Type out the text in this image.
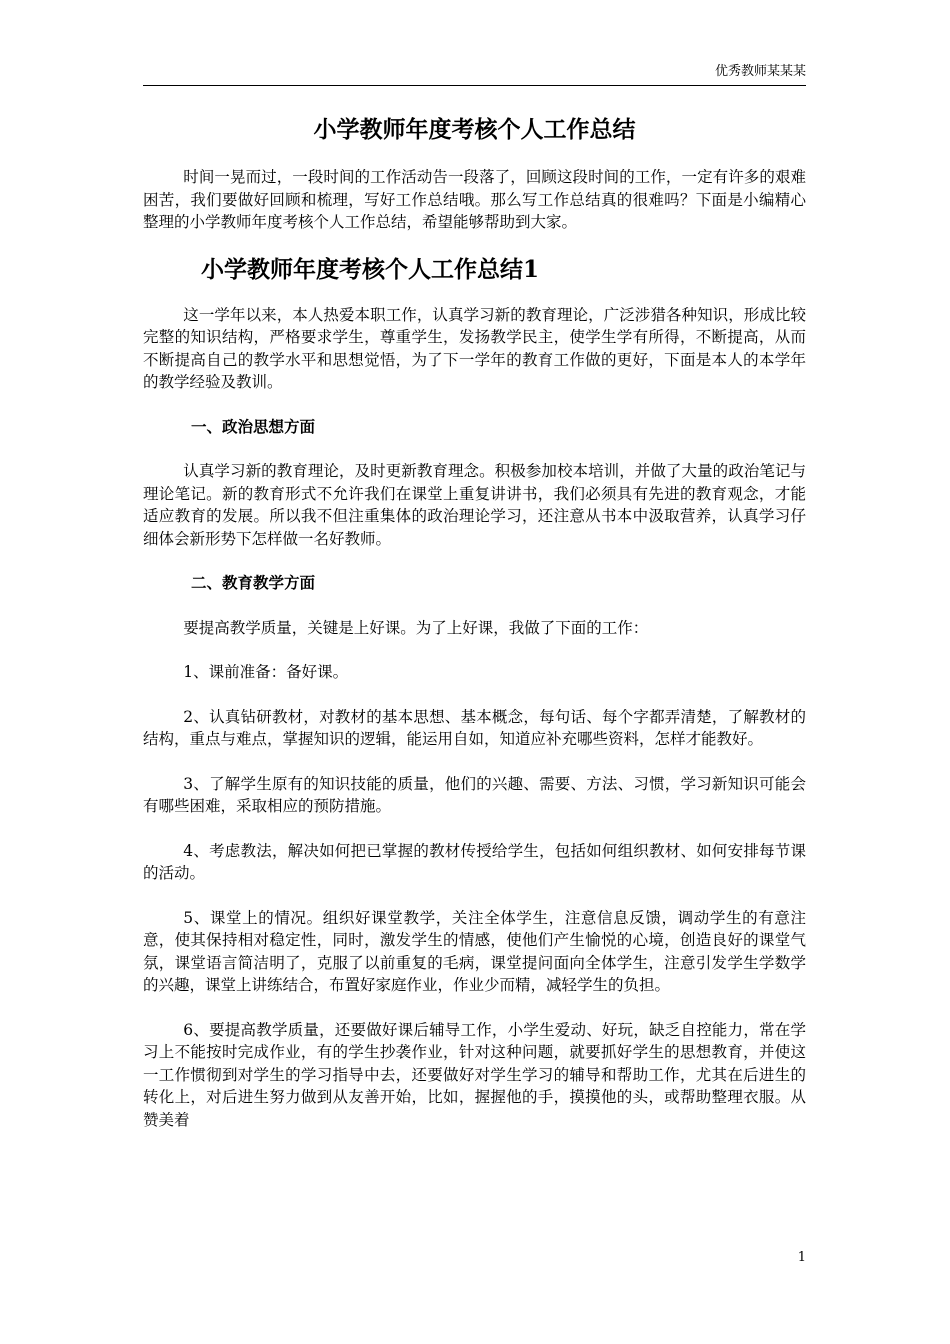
优秀教师某某某
小学教师年度考核个人工作总结

时间一晃而过，一段时间的工作活动告一段落了，回顾这段时间的工作，一定有许多的艰难困苦，我们要做好回顾和梳理，写好工作总结哦。那么写工作总结真的很难吗？下面是小编精心整理的小学教师年度考核个人工作总结，希望能够帮助到大家。

小学教师年度考核个人工作总结1

这一学年以来，本人热爱本职工作，认真学习新的教育理论，广泛涉猎各种知识，形成比较完整的知识结构，严格要求学生，尊重学生，发扬教学民主，使学生学有所得，不断提高，从而不断提高自己的教学水平和思想觉悟，为了下一学年的教育工作做的更好，下面是本人的本学年的教学经验及教训。

一、政治思想方面

认真学习新的教育理论，及时更新教育理念。积极参加校本培训，并做了大量的政治笔记与理论笔记。新的教育形式不允许我们在课堂上重复讲讲书，我们必须具有先进的教育观念，才能适应教育的发展。所以我不但注重集体的政治理论学习，还注意从书本中汲取营养，认真学习仔细体会新形势下怎样做一名好教师。

二、教育教学方面

要提高教学质量，关键是上好课。为了上好课，我做了下面的工作：

1、课前准备：备好课。

2、认真钻研教材，对教材的基本思想、基本概念，每句话、每个字都弄清楚，了解教材的结构，重点与难点，掌握知识的逻辑，能运用自如，知道应补充哪些资料，怎样才能教好。

3、了解学生原有的知识技能的质量，他们的兴趣、需要、方法、习惯，学习新知识可能会有哪些困难，采取相应的预防措施。

4、考虑教法，解决如何把已掌握的教材传授给学生，包括如何组织教材、如何安排每节课的活动。

5、课堂上的情况。组织好课堂教学，关注全体学生，注意信息反馈，调动学生的有意注意，使其保持相对稳定性，同时，激发学生的情感，使他们产生愉悦的心境，创造良好的课堂气氛，课堂语言简洁明了，克服了以前重复的毛病，课堂提问面向全体学生，注意引发学生学数学的兴趣，课堂上讲练结合，布置好家庭作业，作业少而精，减轻学生的负担。

6、要提高教学质量，还要做好课后辅导工作，小学生爱动、好玩，缺乏自控能力，常在学习上不能按时完成作业，有的学生抄袭作业，针对这种问题，就要抓好学生的思想教育，并使这一工作惯彻到对学生的学习指导中去，还要做好对学生学习的辅导和帮助工作，尤其在后进生的转化上，对后进生努力做到从友善开始，比如，握握他的手，摸摸他的头，或帮助整理衣服。从赞美着

1
